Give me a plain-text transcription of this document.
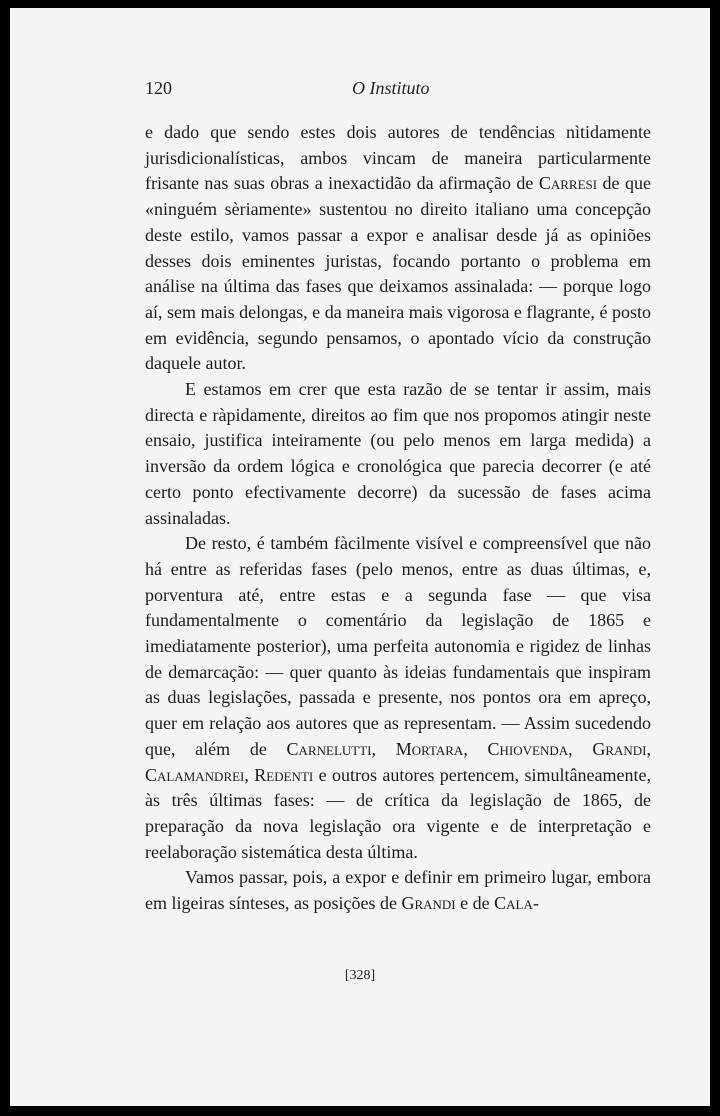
120	O Instituto

e dado que sendo estes dois autores de tendências nìtidamente jurisdicionalísticas, ambos vincam de maneira particularmente frisante nas suas obras a inexactidão da afirmação de Carresi de que «ninguém sèriamente» sustentou no direito italiano uma concepção deste estilo, vamos passar a expor e analisar desde já as opiniões desses dois eminentes juristas, focando portanto o problema em análise na última das fases que deixamos assinalada: — porque logo aí, sem mais delongas, e da maneira mais vigorosa e flagrante, é posto em evidência, segundo pensamos, o apontado vício da construção daquele autor.

E estamos em crer que esta razão de se tentar ir assim, mais directa e ràpidamente, direitos ao fim que nos propomos atingir neste ensaio, justifica inteiramente (ou pelo menos em larga medida) a inversão da ordem lógica e cronológica que parecia decorrer (e até certo ponto efectivamente decorre) da sucessão de fases acima assinaladas.

De resto, é também fàcilmente visível e compreensível que não há entre as referidas fases (pelo menos, entre as duas últimas, e, porventura até, entre estas e a segunda fase — que visa fundamentalmente o comentário da legislação de 1865 e imediatamente posterior), uma perfeita autonomia e rigidez de linhas de demarcação: — quer quanto às ideias fundamentais que inspiram as duas legislações, passada e presente, nos pontos ora em apreço, quer em relação aos autores que as representam. — Assim sucedendo que, além de Carnelutti, Mortara, Chiovenda, Grandi, Calamandrei, Redenti e outros autores pertencem, simultâneamente, às três últimas fases: — de crítica da legislação de 1865, de preparação da nova legislação ora vigente e de interpretação e reelaboração sistemática desta última.

Vamos passar, pois, a expor e definir em primeiro lugar, embora em ligeiras sínteses, as posições de Grandi e de Cala-

[328]
